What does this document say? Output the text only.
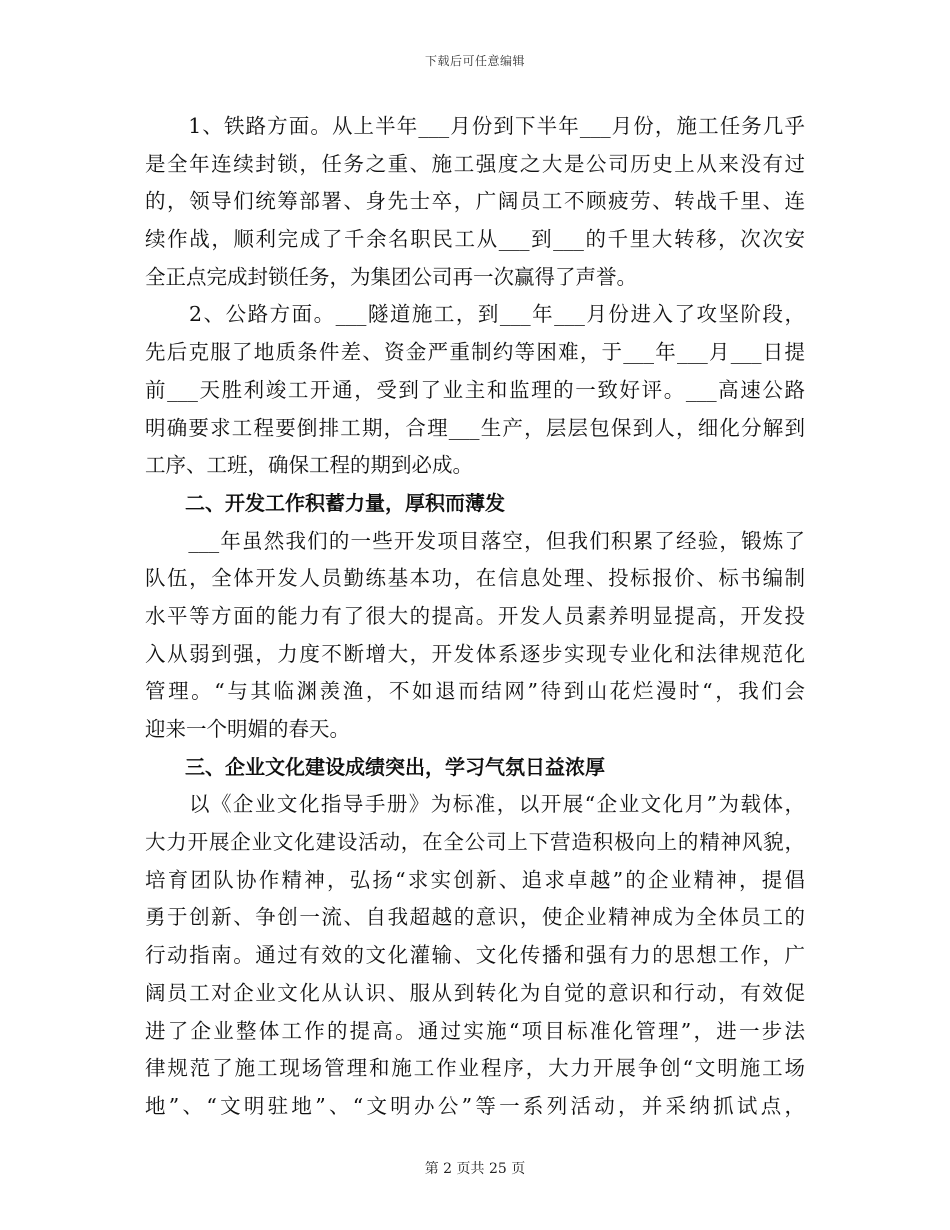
下载后可任意编辑
　　1、铁路方面。从上半年___月份到下半年___月份，施工任务几乎
是全年连续封锁，任务之重、施工强度之大是公司历史上从来没有过
的，领导们统筹部署、身先士卒，广阔员工不顾疲劳、转战千里、连
续作战，顺利完成了千余名职民工从___到___的千里大转移，次次安
全正点完成封锁任务，为集团公司再一次赢得了声誉。
　　2、公路方面。___隧道施工，到___年___月份进入了攻坚阶段，
先后克服了地质条件差、资金严重制约等困难，于___年___月___日提
前___天胜利竣工开通，受到了业主和监理的一致好评。___高速公路
明确要求工程要倒排工期，合理___生产，层层包保到人，细化分解到
工序、工班，确保工程的期到必成。
　　二、开发工作积蓄力量，厚积而薄发
　　___年虽然我们的一些开发项目落空，但我们积累了经验，锻炼了
队伍，全体开发人员勤练基本功，在信息处理、投标报价、标书编制
水平等方面的能力有了很大的提高。开发人员素养明显提高，开发投
入从弱到强，力度不断增大，开发体系逐步实现专业化和法律规范化
管理。“与其临渊羡渔，不如退而结网”待到山花烂漫时“，我们会
迎来一个明媚的春天。
　　三、企业文化建设成绩突出，学习气氛日益浓厚
　　以《企业文化指导手册》为标准，以开展“企业文化月”为载体，
大力开展企业文化建设活动，在全公司上下营造积极向上的精神风貌，
培育团队协作精神，弘扬“求实创新、追求卓越”的企业精神，提倡
勇于创新、争创一流、自我超越的意识，使企业精神成为全体员工的
行动指南。通过有效的文化灌输、文化传播和强有力的思想工作，广
阔员工对企业文化从认识、服从到转化为自觉的意识和行动，有效促
进了企业整体工作的提高。通过实施“项目标准化管理”，进一步法
律规范了施工现场管理和施工作业程序，大力开展争创“文明施工场
地”、“文明驻地”、“文明办公”等一系列活动，并采纳抓试点，
第 2 页共 25 页
